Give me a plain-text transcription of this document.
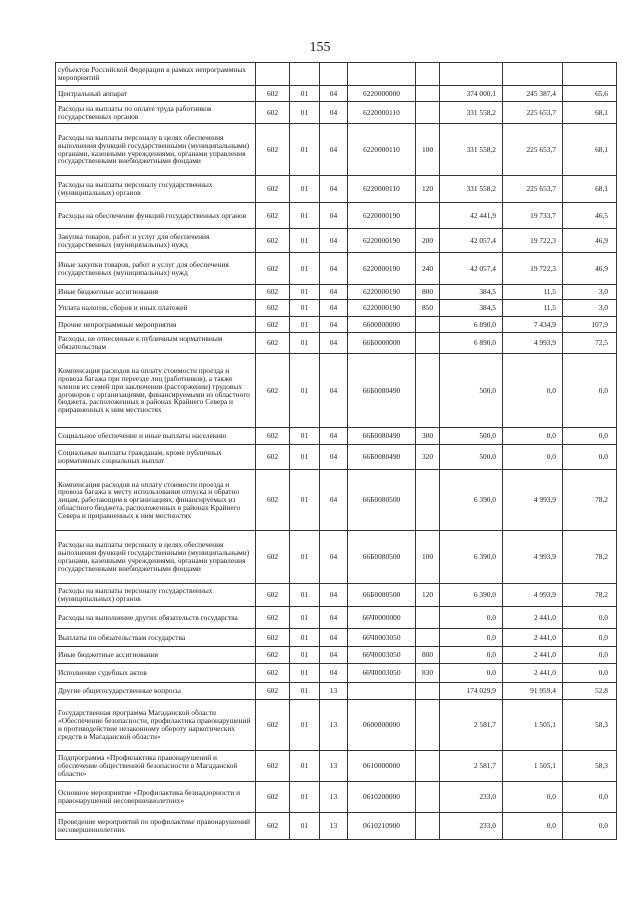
155
субъектов Российской Федерации в рамках непрограммных мероприятий								
Центральный аппарат	602	01	04	6220000000		374 000,1	245 387,4	65,6
Расходы на выплаты по оплате труда работников государственных органов	602	01	04	6220000110		331 558,2	225 653,7	68,1
Расходы на выплаты персоналу в целях обеспечения выполнения функций государственными (муниципальными) органами, казенными учреждениями, органами управления государственными внебюджетными фондами	602	01	04	6220000110	100	331 558,2	225 653,7	68,1
Расходы на выплаты персоналу государственных (муниципальных) органов	602	01	04	6220000110	120	331 558,2	225 653,7	68,1
Расходы на обеспечение функций государственных органов	602	01	04	6220000190		42 441,9	19 733,7	46,5
Закупка товаров, работ и услуг для обеспечения государственных (муниципальных) нужд	602	01	04	6220000190	200	42 057,4	19 722,3	46,9
Иные закупки товаров, работ и услуг для обеспечения государственных (муниципальных) нужд	602	01	04	6220000190	240	42 057,4	19 722,3	46,9
Иные бюджетные ассигнования	602	01	04	6220000190	800	384,5	11,5	3,0
Уплата налогов, сборов и иных платежей	602	01	04	6220000190	850	384,5	11,5	3,0
Прочие непрограммные мероприятия	602	01	04	6600000000		6 890,0	7 434,9	107,9
Расходы, не отнесенные к публичным нормативным обязательствам	602	01	04	66Б0000000		6 890,0	4 993,9	72,5
Компенсация расходов на оплату стоимости проезда и провоза багажа при переезде лиц (работников), а также членов их семей при заключении (расторжении) трудовых договоров с организациями, финансируемыми из областного бюджета, расположенных в районах Крайнего Севера и приравненных к ним местностях	602	01	04	66Б0080490		500,0	0,0	0,0
Социальное обеспечение и иные выплаты населению	602	01	04	66Б0080490	300	500,0	0,0	0,0
Социальные выплаты гражданам, кроме публичных нормативных социальных выплат	602	01	04	66Б0080490	320	500,0	0,0	0,0
Компенсация расходов на оплату стоимости проезда и провоза багажа к месту использования отпуска и обратно лицам, работающим в организациях, финансируемых из областного бюджета, расположенных в районах Крайнего Севера и приравненных к ним местностях	602	01	04	66Б0080500		6 390,0	4 993,9	78,2
Расходы на выплаты персоналу в целях обеспечения выполнения функций государственными (муниципальными) органами, казенными учреждениями, органами управления государственными внебюджетными фондами	602	01	04	66Б0080500	100	6 390,0	4 993,9	78,2
Расходы на выплаты персоналу государственных (муниципальных) органов	602	01	04	66Б0080500	120	6 390,0	4 993,9	78,2
Расходы на выполнение других обязательств государства	602	01	04	66Ч0000000		0,0	2 441,0	0,0
Выплаты по обязательствам государства	602	01	04	66Ч0003050		0,0	2 441,0	0,0
Иные бюджетные ассигнования	602	01	04	66Ч0003050	800	0,0	2 441,0	0,0
Исполнение судебных актов	602	01	04	66Ч0003050	830	0,0	2 441,0	0,0
Другие общегосударственные вопросы	602	01	13			174 029,9	91 959,4	52,8
Государственная программа Магаданской области «Обеспечение безопасности, профилактика правонарушений и противодействие незаконному обороту наркотических средств в Магаданской области»	602	01	13	0600000000		2 581,7	1 505,1	58,3
Подпрограмма «Профилактика правонарушений и обеспечение общественной безопасности в Магаданской области»	602	01	13	0610000000		2 581,7	1 505,1	58,3
Основное мероприятие «Профилактика безнадзорности и правонарушений несовершеннолетних»	602	01	13	0610200000		233,0	0,0	0,0
Проведение мероприятий по профилактике правонарушений несовершеннолетних	602	01	13	0610210900		233,0	0,0	0,0
